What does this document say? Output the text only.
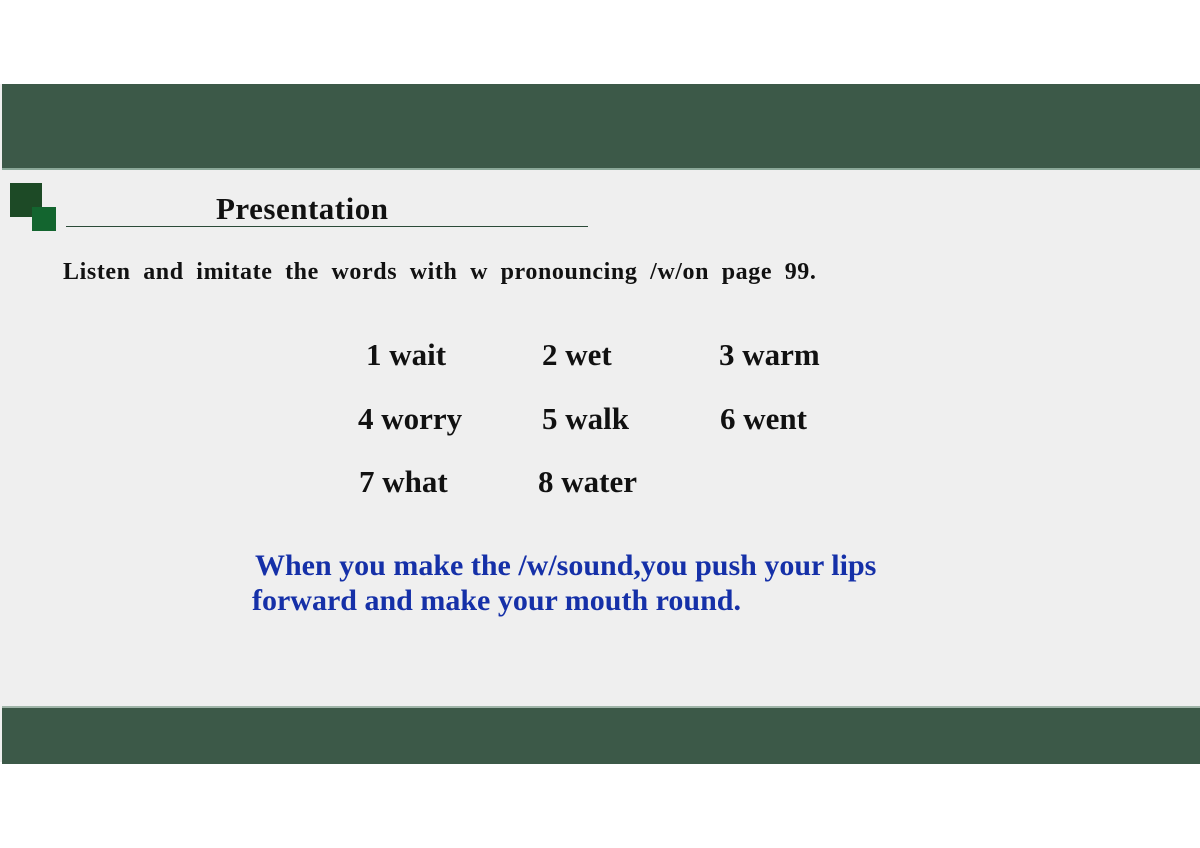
Presentation
Listen and imitate the words with w pronouncing /w/on page 99.
1 wait	2 wet	3 warm
4 worry	5 walk	6 went
7 what	8 water
When you make the /w/sound,you push your lips
forward and make your mouth round.
